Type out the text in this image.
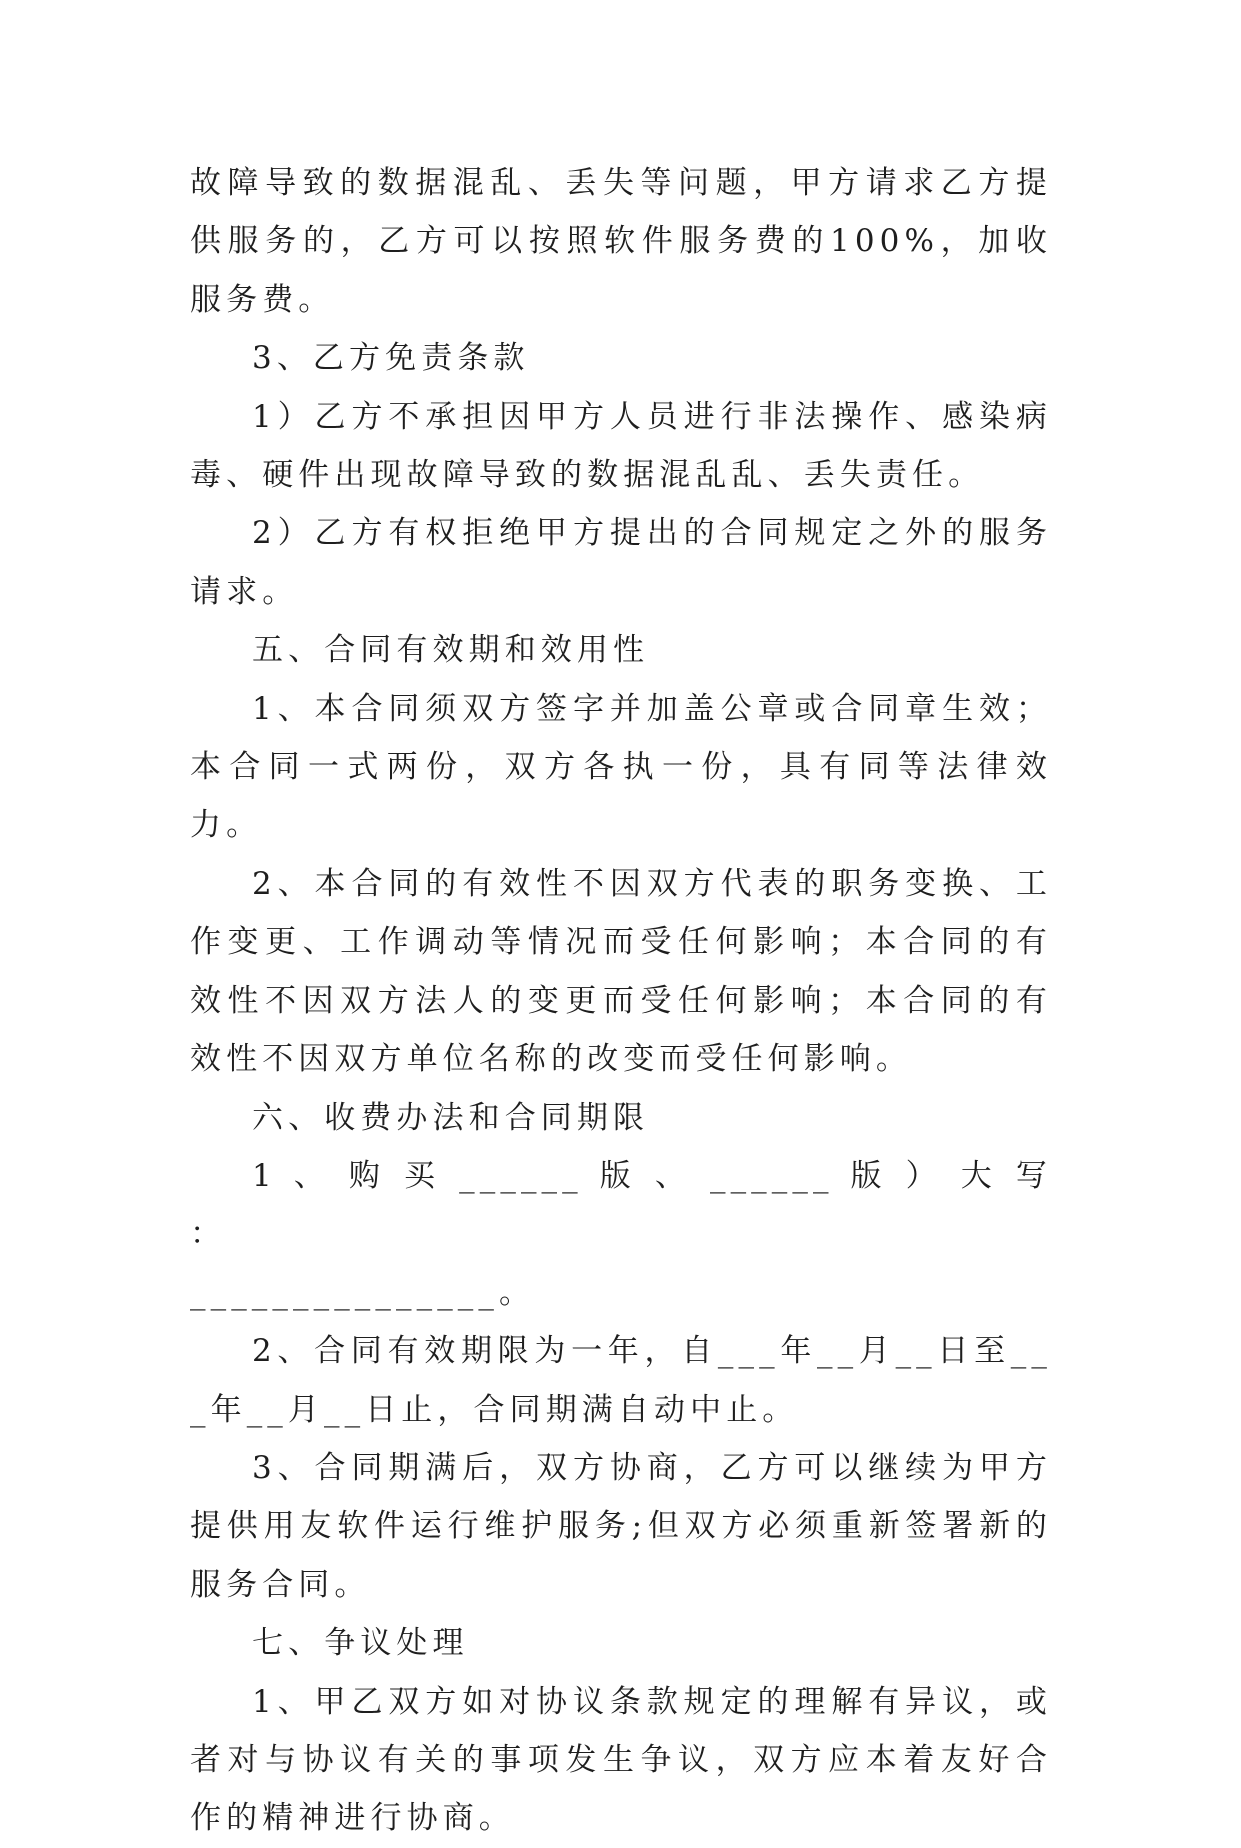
故障导致的数据混乱、丢失等问题，甲方请求乙方提供服务的，乙方可以按照软件服务费的100%，加收服务费。

3、乙方免责条款

1）乙方不承担因甲方人员进行非法操作、感染病毒、硬件出现故障导致的数据混乱乱、丢失责任。

2）乙方有权拒绝甲方提出的合同规定之外的服务请求。

五、合同有效期和效用性

1、本合同须双方签字并加盖公章或合同章生效；本合同一式两份，双方各执一份，具有同等法律效力。

2、本合同的有效性不因双方代表的职务变换、工作变更、工作调动等情况而受任何影响；本合同的有效性不因双方法人的变更而受任何影响；本合同的有效性不因双方单位名称的改变而受任何影响。

六、收费办法和合同期限

1 、 购 买 ______ 版 、 ______ 版 ） 大 写 ：

_______________。

2、合同有效期限为一年，自___年__月__日至___年__月__日止，合同期满自动中止。

3、合同期满后，双方协商，乙方可以继续为甲方提供用友软件运行维护服务;但双方必须重新签署新的服务合同。

七、争议处理

1、甲乙双方如对协议条款规定的理解有异议，或者对与协议有关的事项发生争议，双方应本着友好合作的精神进行协商。
